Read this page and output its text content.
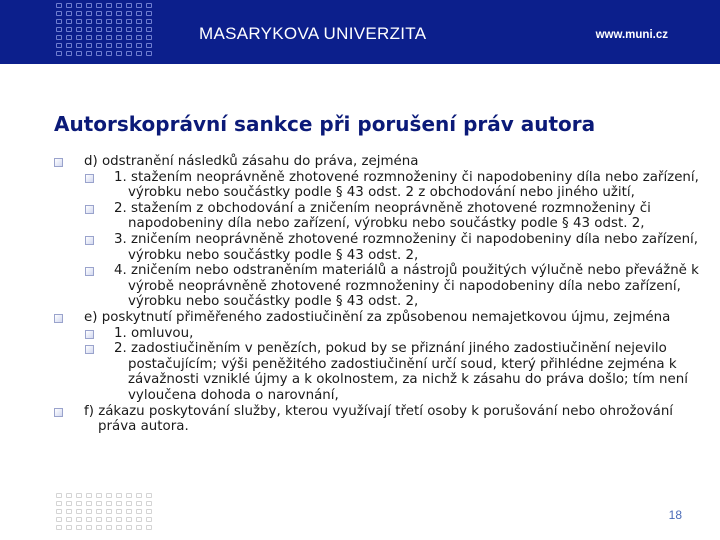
MASARYKOVA UNIVERZITA	www.muni.cz
Autorskoprávní sankce při porušení práv autora
d) odstranění následků zásahu do práva, zejména
1. stažením neoprávněně zhotovené rozmnoženiny či napodobeniny díla nebo zařízení, výrobku nebo součástky podle § 43 odst. 2 z obchodování nebo jiného užití,
2. stažením z obchodování a zničením neoprávněně zhotovené rozmnoženiny či napodobeniny díla nebo zařízení, výrobku nebo součástky podle § 43 odst. 2,
3. zničením neoprávněně zhotovené rozmnoženiny či napodobeniny díla nebo zařízení, výrobku nebo součástky podle § 43 odst. 2,
4. zničením nebo odstraněním materiálů a nástrojů použitých výlučně nebo převážně k výrobě neoprávněně zhotovené rozmnoženiny či napodobeniny díla nebo zařízení, výrobku nebo součástky podle § 43 odst. 2,
e) poskytnutí přiměřeného zadostiučinění za způsobenou nemajetkovou újmu, zejména
1. omluvou,
2. zadostiučiněním v penězích, pokud by se přiznání jiného zadostiučinění nejevilo postačujícím; výši peněžitého zadostiučinění určí soud, který přihlédne zejména k závažnosti vzniklé újmy a k okolnostem, za nichž k zásahu do práva došlo; tím není vyloučena dohoda o narovnání,
f) zákazu poskytování služby, kterou využívají třetí osoby k porušování nebo ohrožování práva autora.
18
